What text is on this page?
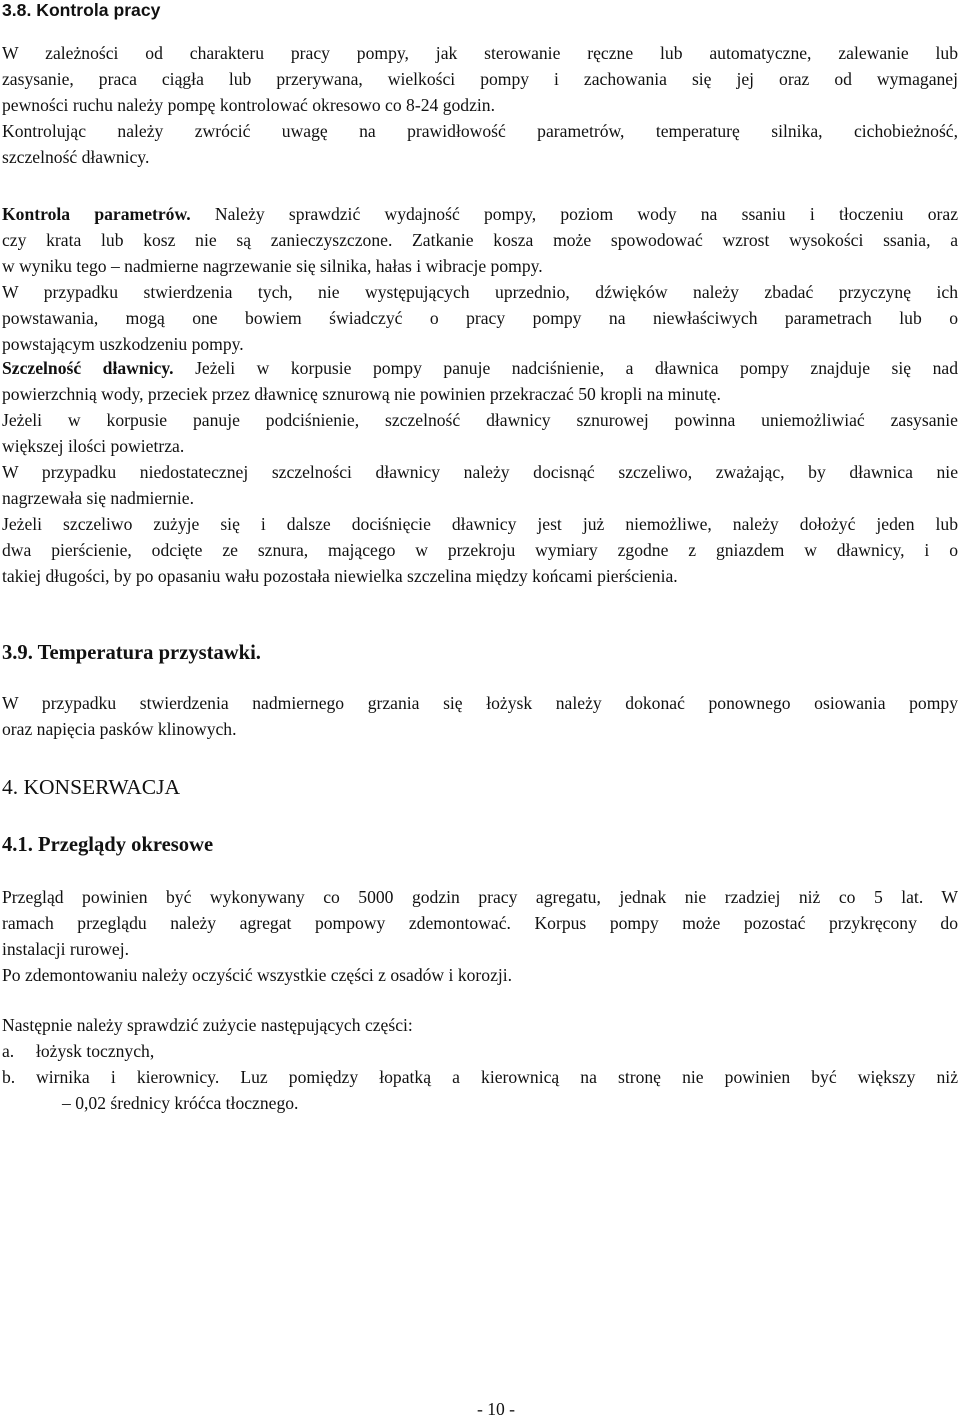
3.8. Kontrola pracy

W zależności od charakteru pracy pompy, jak sterowanie ręczne lub automatyczne, zalewanie lub
zasysanie, praca ciągła lub przerywana, wielkości pompy i zachowania się jej oraz od wymaganej
pewności ruchu należy pompę kontrolować okresowo co 8-24 godzin.
Kontrolując należy zwrócić uwagę na prawidłowość parametrów, temperaturę silnika, cichobieżność,
szczelność dławnicy.

Kontrola parametrów. Należy sprawdzić wydajność pompy, poziom wody na ssaniu i tłoczeniu oraz
czy krata lub kosz nie są zanieczyszczone. Zatkanie kosza może spowodować wzrost wysokości ssania, a
w wyniku tego – nadmierne nagrzewanie się silnika, hałas i wibracje pompy.
W przypadku stwierdzenia tych, nie występujących uprzednio, dźwięków należy zbadać przyczynę ich
powstawania, mogą one bowiem świadczyć o pracy pompy na niewłaściwych parametrach lub o
powstającym uszkodzeniu pompy.
Szczelność dławnicy. Jeżeli w korpusie pompy panuje nadciśnienie, a dławnica pompy znajduje się nad
powierzchnią wody, przeciek przez dławnicę sznurową nie powinien przekraczać 50 kropli na minutę.
Jeżeli w korpusie panuje podciśnienie, szczelność dławnicy sznurowej powinna uniemożliwiać zasysanie
większej ilości powietrza.
W przypadku niedostatecznej szczelności dławnicy należy docisnąć szczeliwo, zważając, by dławnica nie
nagrzewała się nadmiernie.
Jeżeli szczeliwo zużyje się i dalsze dociśnięcie dławnicy jest już niemożliwe, należy dołożyć jeden lub
dwa pierścienie, odcięte ze sznura, mającego w przekroju wymiary zgodne z gniazdem w dławnicy, i o
takiej długości, by po opasaniu wału pozostała niewielka szczelina między końcami pierścienia.
3.9. Temperatura przystawki.
W przypadku stwierdzenia nadmiernego grzania się łożysk należy dokonać ponownego osiowania pompy
oraz napięcia pasków klinowych.
4. KONSERWACJA
4.1. Przeglądy okresowe
Przegląd powinien być wykonywany co 5000 godzin pracy agregatu, jednak nie rzadziej niż co 5 lat. W
ramach przeglądu należy agregat pompowy zdemontować. Korpus pompy może pozostać przykręcony do
instalacji rurowej.
Po zdemontowaniu należy oczyścić wszystkie części z osadów i korozji.
Następnie należy sprawdzić zużycie następujących części:
a.	łożysk tocznych,
b.	wirnika i kierownicy. Luz pomiędzy łopatką a kierownicą na stronę nie powinien być większy niż
– 0,02 średnicy króćca tłocznego.
- 10 -
